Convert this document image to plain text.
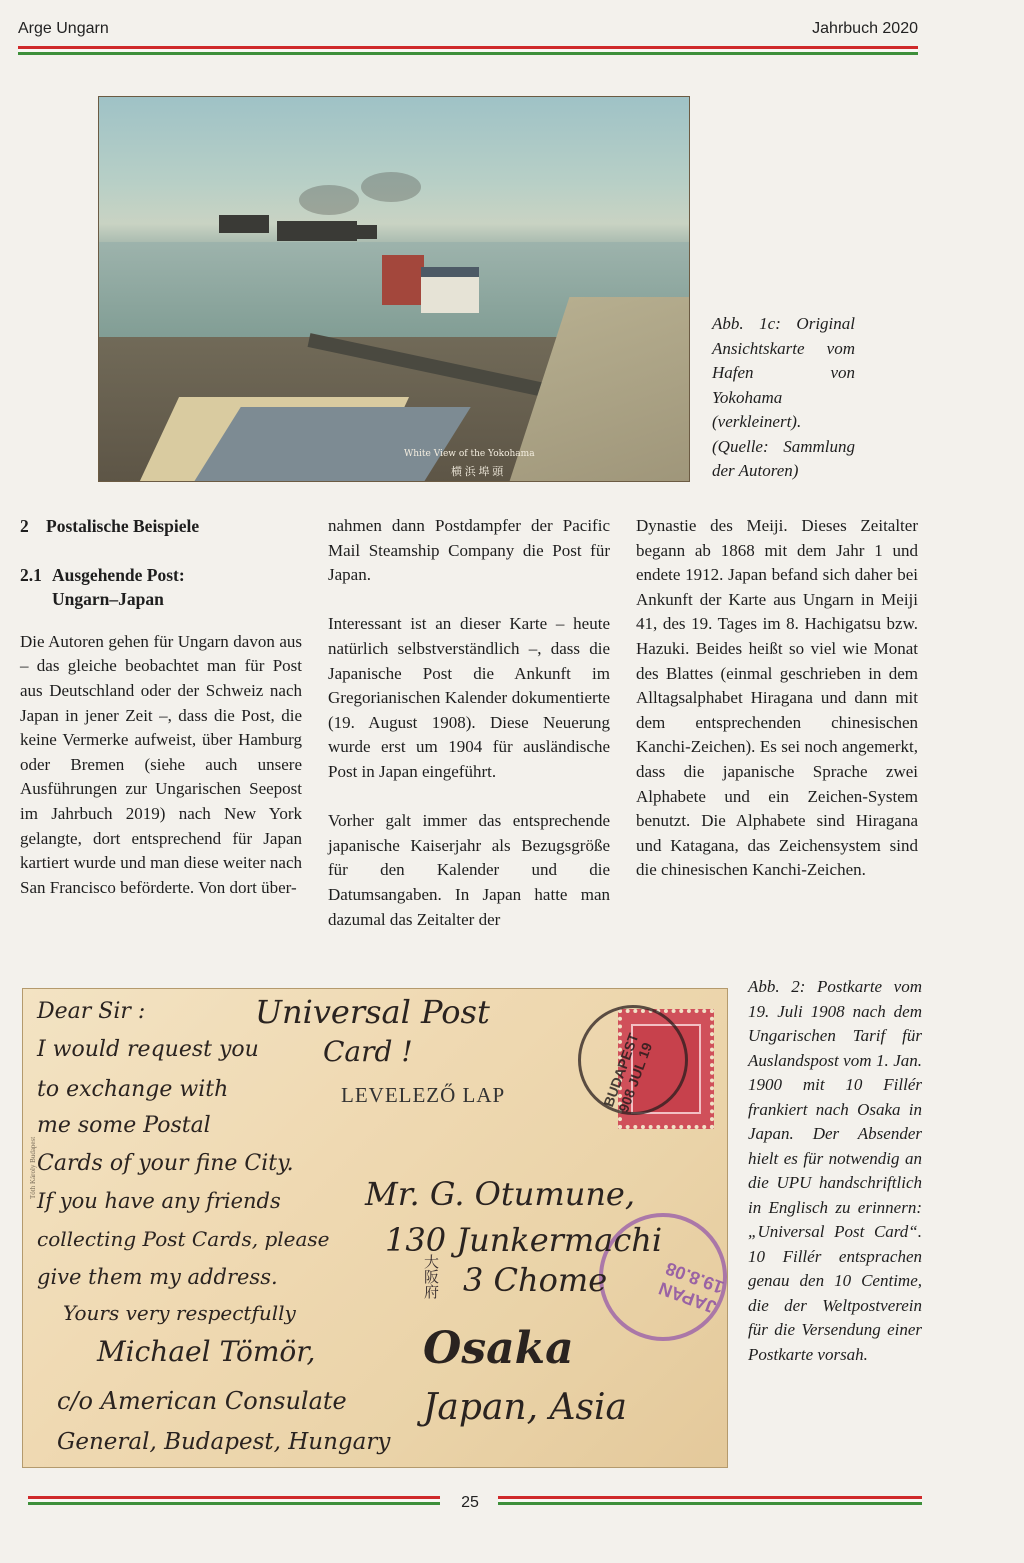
Arge Ungarn	Jahrbuch 2020
White View of the Yokohama
横 浜 埠 頭
Abb. 1c: Original Ansichtskarte vom Hafen von Yokohama (verkleinert). (Quelle: Sammlung der Autoren)
2 Postalische Beispiele
2.1 Ausgehende Post:
Ungarn–Japan

Die Autoren gehen für Ungarn davon aus – das gleiche beobachtet man für Post aus Deutschland oder der Schweiz nach Japan in jener Zeit –, dass die Post, die keine Vermerke aufweist, über Hamburg oder Bremen (siehe auch unsere Ausführungen zur Ungarischen Seepost im Jahrbuch 2019) nach New York gelangte, dort entsprechend für Japan kartiert wurde und man diese weiter nach San Francisco beförderte. Von dort über-

nahmen dann Postdampfer der Pacific Mail Steamship Company die Post für Japan.

Interessant ist an dieser Karte – heute natürlich selbstverständlich –, dass die Japanische Post die Ankunft im Gregorianischen Kalender dokumentierte (19. August 1908). Diese Neuerung wurde erst um 1904 für ausländische Post in Japan eingeführt.

Vorher galt immer das entsprechende japanische Kaiserjahr als Bezugsgröße für den Kalender und die Datumsangaben. In Japan hatte man dazumal das Zeitalter der

Dynastie des Meiji. Dieses Zeitalter begann ab 1868 mit dem Jahr 1 und endete 1912. Japan befand sich daher bei Ankunft der Karte aus Ungarn in Meiji 41, des 19. Tages im 8. Hachigatsu bzw. Hazuki. Beides heißt so viel wie Monat des Blattes (einmal geschrieben in dem Alltagsalphabet Hiragana und dann mit dem entsprechenden chinesischen Kanchi-Zeichen). Es sei noch angemerkt, dass die japanische Sprache zwei Alphabete und ein Zeichen-System benutzt. Die Alphabete sind Hiragana und Katagana, das Zeichensystem sind die chinesischen Kanchi-Zeichen.

Tóth Károly Budapest
LEVELEZŐ LAP	BUDAPEST 908 JUL 19
JAPAN 19.8.08
大阪府
Dear Sir :	Universal Post
I would request you Card !
to exchange with
me some Postal
Cards of your fine City.
If you have any friends	Mr. G. Otumune,
collecting Post Cards, please 130 Junkermachi
give them my address.	3 Chome
Yours very respectfully
Michael Tömör, Osaka
c/o American Consulate Japan, Asia
General, Budapest, Hungary
Abb. 2: Postkarte vom 19. Juli 1908 nach dem Ungarischen Tarif für Auslandspost vom 1. Jan. 1900 mit 10 Fillér frankiert nach Osaka in Japan. Der Absender hielt es für notwendig an die UPU handschriftlich in Englisch zu erinnern: „Universal Post Card“. 10 Fillér entsprachen genau den 10 Centime, die der Weltpostverein für die Versendung einer Postkarte vorsah.
25
